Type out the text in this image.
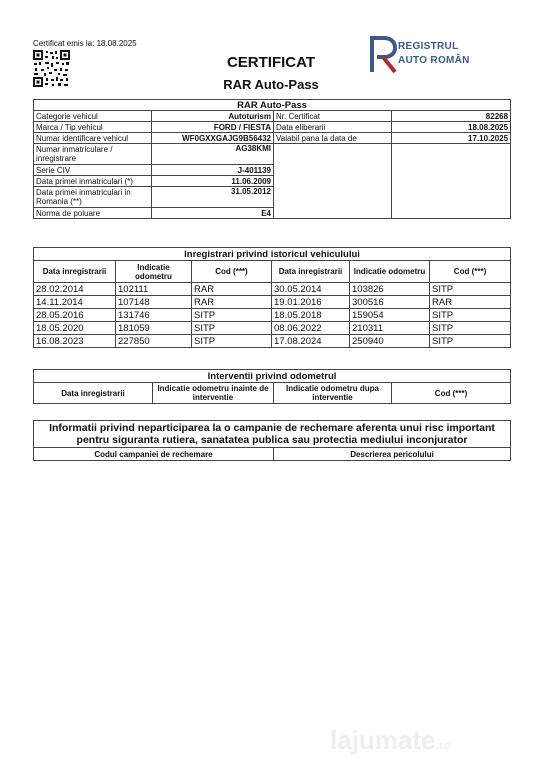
Certificat emis la: 18.08.2025
CERTIFICAT
RAR Auto-Pass
REGISTRUL
AUTO ROMÂN
RAR Auto-Pass			
Categorie vehicul	Autoturism	Nr. Certificat	82268
Marca / Tip vehicul	FORD / FIESTA	Data eliberarii	18.08.2025
Numar identificare vehicul	WF0GXXGAJG9B56432	Valabil pana la data de	17.10.2025
Numar inmatriculare / inregistrare	AG38KMI		
Serie CIV	J-401139		
Data primei inmatriculari (*)	11.06.2009		
Data primei inmatriculari in Romania (**)	31.05.2012		
Norma de poluare	E4		
Inregistrari privind istoricul vehiculului					
Data inregistrarii	Indicatie odometru	Cod (***)	Data inregistrarii	Indicatie odometru	Cod (***)
28.02.2014	102111	RAR	30.05.2014	103826	SITP
14.11.2014	107148	RAR	19.01.2016	300516	RAR
28.05.2016	131746	SITP	18.05.2018	159054	SITP
18.05.2020	181059	SITP	08.06.2022	210311	SITP
16.08.2023	227850	SITP	17.08.2024	250940	SITP
Interventii privind odometrul
Data inregistrarii	Indicatie odometru inainte de interventie	Indicatie odometru dupa interventie	Cod (***)
Informatii privind neparticiparea la o campanie de rechemare aferenta unui risc important pentru siguranta rutiera, sanatatea publica sau protectia mediului inconjurator
Codul campaniei de rechemare	Descrierea pericolului
lajumate.ro
